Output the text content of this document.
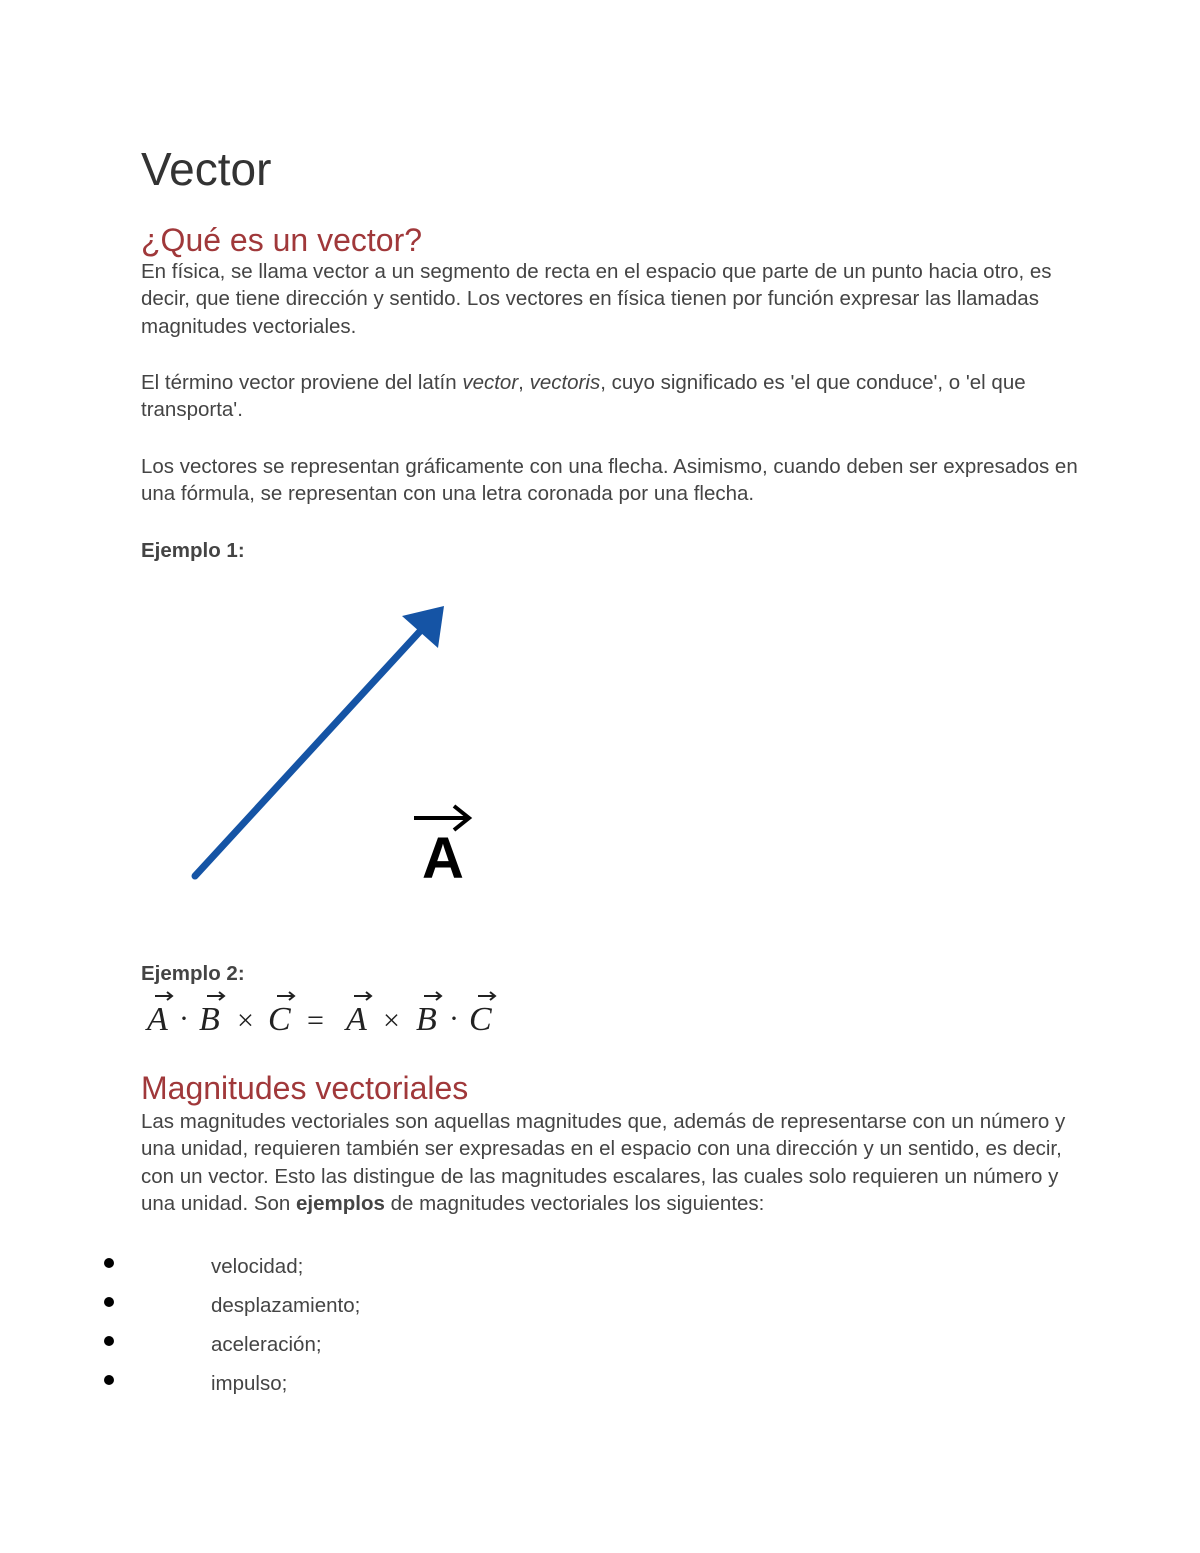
Vector
¿Qué es un vector?

En física, se llama vector a un segmento de recta en el espacio que parte de un punto hacia otro, es decir, que tiene dirección y sentido. Los vectores en física tienen por función expresar las llamadas magnitudes vectoriales.

El término vector proviene del latín vector, vectoris, cuyo significado es 'el que conduce', o 'el que transporta'.

Los vectores se representan gráficamente con una flecha. Asimismo, cuando deben ser expresados en una fórmula, se representan con una letra coronada por una flecha.

Ejemplo 1:

A

Ejemplo 2:

A B C A B C
· × = × ·
Magnitudes vectoriales

Las magnitudes vectoriales son aquellas magnitudes que, además de representarse con un número y una unidad, requieren también ser expresadas en el espacio con una dirección y un sentido, es decir, con un vector. Esto las distingue de las magnitudes escalares, las cuales solo requieren un número y una unidad. Son ejemplos de magnitudes vectoriales los siguientes:

velocidad;
desplazamiento;
aceleración;
impulso;
